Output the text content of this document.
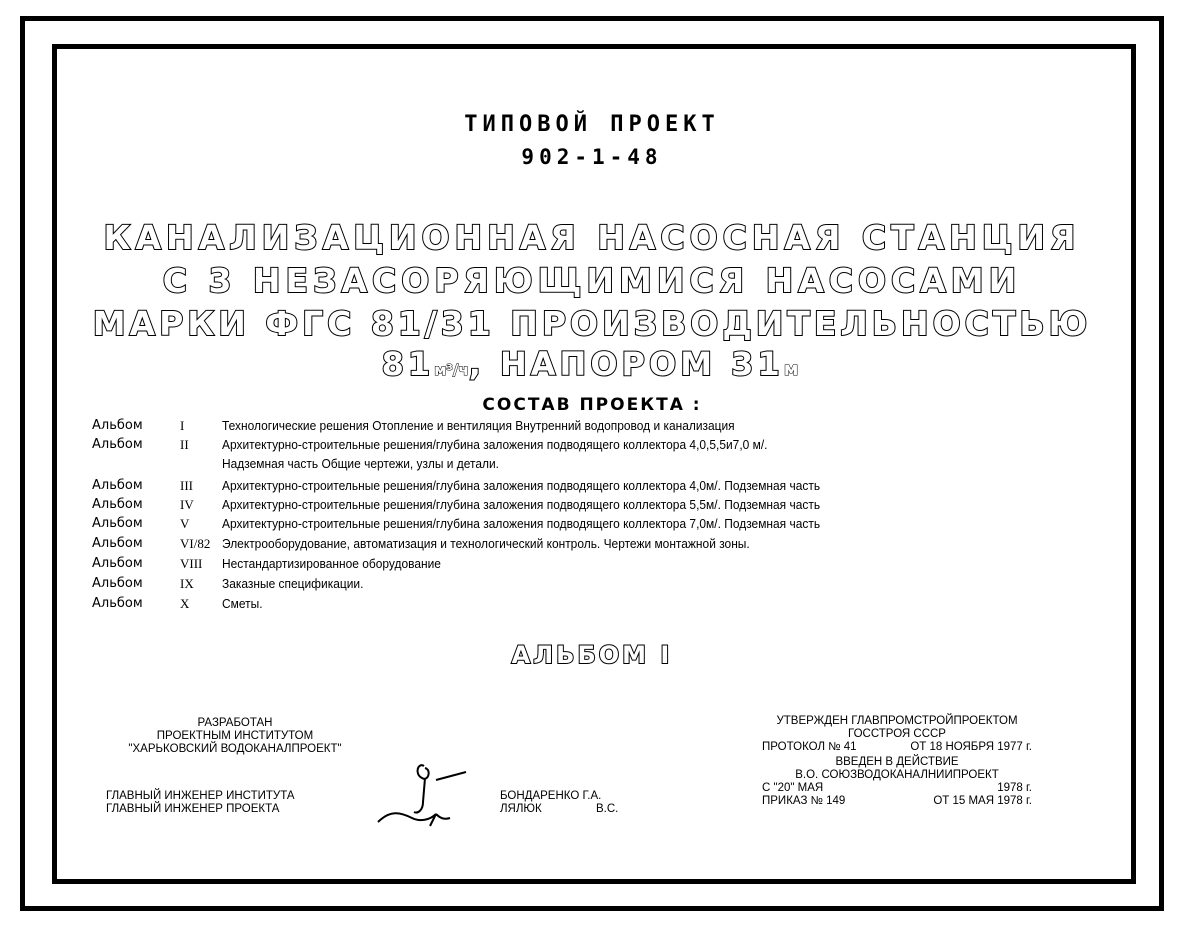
ТИПОВОЙ ПРОЕКТ
902-1-48
КАНАЛИЗАЦИОННАЯ НАСОСНАЯ СТАНЦИЯ
С 3 НЕЗАСОРЯЮЩИМИСЯ НАСОСАМИ
МАРКИ ФГС 81/31 ПРОИЗВОДИТЕЛЬНОСТЬЮ
81м³/ч, НАПОРОМ 31м
СОСТАВ ПРОЕКТА :
Альбом	I	Технологические решения Отопление и вентиляция Внутренний водопровод и канализация
Альбом	II	Архитектурно-строительные решения/глубина заложения подводящего коллектора 4,0,5,5и7,0 м/.
Надземная часть Общие чертежи, узлы и детали.
Альбом	III Архитектурно-строительные решения/глубина заложения подводящего коллектора 4,0м/. Подземная часть
Альбом	IV Архитектурно-строительные решения/глубина заложения подводящего коллектора 5,5м/. Подземная часть
Альбом	V	Архитектурно-строительные решения/глубина заложения подводящего коллектора 7,0м/. Подземная часть
Альбом	VI/82 Электрооборудование, автоматизация и технологический контроль. Чертежи монтажной зоны.
Альбом	VIII Нестандартизированное оборудование
Альбом	IX Заказные спецификации.
Альбом	X	Сметы.
АЛЬБОМ I
РАЗРАБОТАН
ПРОЕКТНЫМ ИНСТИТУТОМ
"ХАРЬКОВСКИЙ ВОДОКАНАЛПРОЕКТ"
ГЛАВНЫЙ ИНЖЕНЕР ИНСТИТУТА
ГЛАВНЫЙ ИНЖЕНЕР ПРОЕКТА
БОНДАРЕНКО Г.А.
ЛЯЛЮК	В.С.
УТВЕРЖДЕН ГЛАВПРОМСТРОЙПРОЕКТОМ
ГОССТРОЯ СССР
ПРОТОКОЛ № 41	ОТ 18 НОЯБРЯ 1977 г.
ВВЕДЕН В ДЕЙСТВИЕ
В.О. СОЮЗВОДОКАНАЛНИИПРОЕКТ
С "20" МАЯ	1978 г.
ПРИКАЗ № 149	ОТ 15 МАЯ 1978 г.
